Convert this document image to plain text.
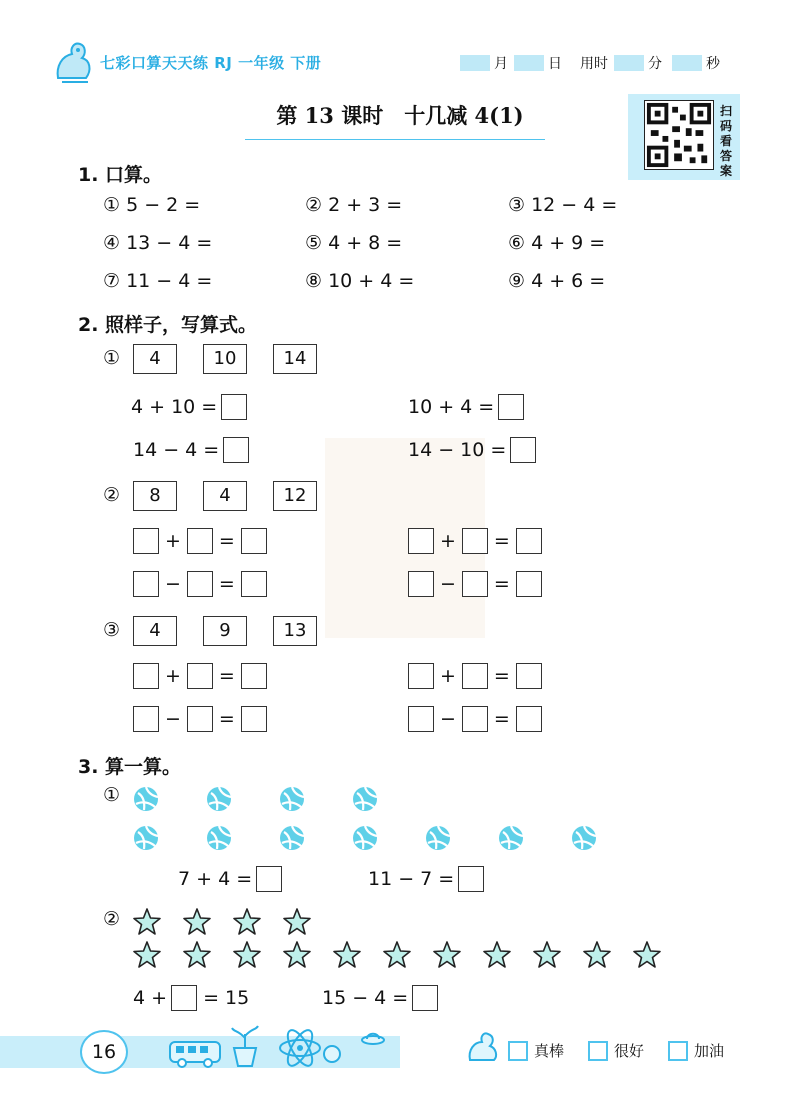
七彩口算天天练 RJ 一年级 下册	月	日 用时	分	秒
第 13 课时　十几减 4(1)	扫码看答案
1. 口算。
① 5 − 2 =	② 2 + 3 =	③ 12 − 4 =
④ 13 − 4 =	⑤ 4 + 8 =	⑥ 4 + 9 =
⑦ 11 − 4 =	⑧ 10 + 4 =	⑨ 4 + 6 =
2. 照样子，写算式。
①	4	10	14
4 + 10 =	10 + 4 =
14 − 4 =	14 − 10 =
②	8	4	12
+ =	+ =
− =	− =
③	4	9	13
+ =	+ =
− =	− =
3. 算一算。
①
7 + 4 =	11 − 7 =
②
4 + = 15	15 − 4 =
16	真棒	很好	加油
